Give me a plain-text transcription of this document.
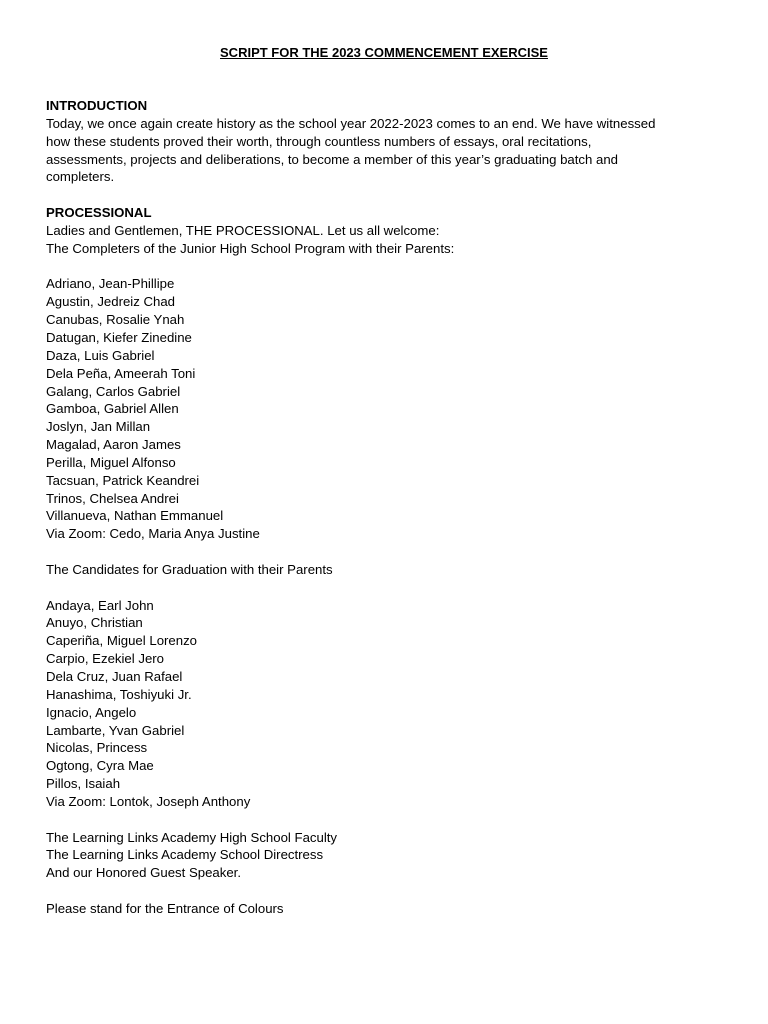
SCRIPT FOR THE 2023 COMMENCEMENT EXERCISE
INTRODUCTION
Today, we once again create history as the school year 2022-2023 comes to an end. We have witnessed
how these students proved their worth, through countless numbers of essays, oral recitations,
assessments, projects and deliberations, to become a member of this year’s graduating batch and
completers.
PROCESSIONAL
Ladies and Gentlemen, THE PROCESSIONAL. Let us all welcome:
The Completers of the Junior High School Program with their Parents:
Adriano, Jean-Phillipe
Agustin, Jedreiz Chad
Canubas, Rosalie Ynah
Datugan, Kiefer Zinedine
Daza, Luis Gabriel
Dela Peña, Ameerah Toni
Galang, Carlos Gabriel
Gamboa, Gabriel Allen
Joslyn, Jan Millan
Magalad, Aaron James
Perilla, Miguel Alfonso
Tacsuan, Patrick Keandrei
Trinos, Chelsea Andrei
Villanueva, Nathan Emmanuel
Via Zoom: Cedo, Maria Anya Justine
The Candidates for Graduation with their Parents
Andaya, Earl John
Anuyo, Christian
Caperiña, Miguel Lorenzo
Carpio, Ezekiel Jero
Dela Cruz, Juan Rafael
Hanashima, Toshiyuki Jr.
Ignacio, Angelo
Lambarte, Yvan Gabriel
Nicolas, Princess
Ogtong, Cyra Mae
Pillos, Isaiah
Via Zoom: Lontok, Joseph Anthony
The Learning Links Academy High School Faculty
The Learning Links Academy School Directress
And our Honored Guest Speaker.
Please stand for the Entrance of Colours
